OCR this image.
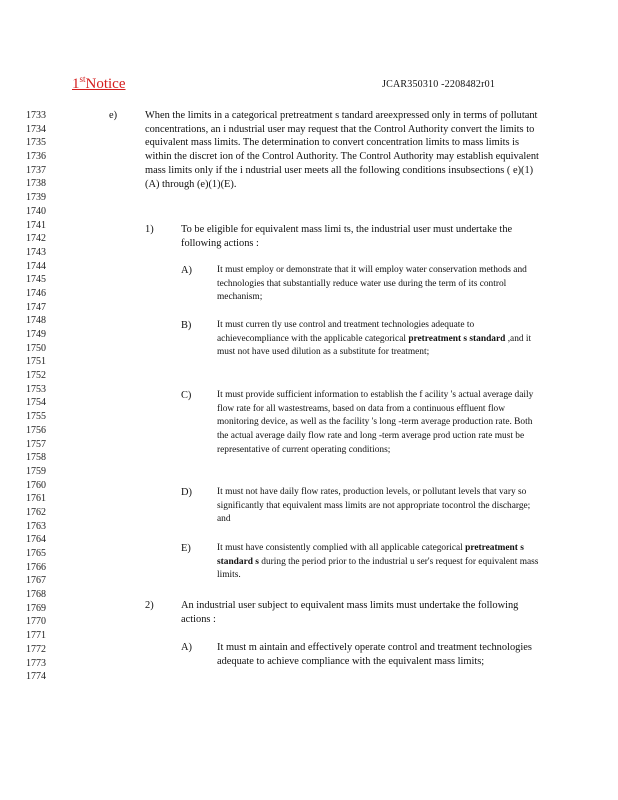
1stNotice	JCAR350310 -2208482r01
1733
1734
1735
1736
1737
1738
1739
1740
1741
1742
1743
1744
1745
1746
1747
1748
1749
1750
1751
1752
1753
1754
1755
1756
1757
1758
1759
1760
1761
1762
1763
1764
1765
1766
1767
1768
1769
1770
1771
1772
1773
1774
e)	When the limits in a categorical pretreatment s tandard areexpressed only in terms of pollutant concentrations, an i ndustrial user may request that the Control Authority convert the limits to equivalent mass limits. The determination to convert concentration limits to mass limits is within the discret ion of the Control Authority. The Control Authority may establish equivalent mass limits only if the i ndustrial user meets all the following conditions insubsections ( e)(1)(A) through (e)(1)(E).

1)	To be eligible for equivalent mass limi ts, the industrial user must undertake the following actions :

A)	It must employ or demonstrate that it will employ water conservation methods and technologies that substantially reduce water use during the term of its control mechanism;

B)	It must curren tly use control and treatment technologies adequate to achievecompliance with the applicable categorical pretreatment s standard ,and it must not have used dilution as a substitute for treatment;

C)	It must provide sufficient information to establish the f acility 's actual average daily flow rate for all wastestreams, based on data from a continuous effluent flow monitoring device, as well as the facility 's long -term average production rate. Both the actual average daily flow rate and long -term average prod uction rate must be representative of current operating conditions;

D)	It must not have daily flow rates, production levels, or pollutant levels that vary so significantly that equivalent mass limits are not appropriate tocontrol the discharge; and

E)	It must have consistently complied with all applicable categorical pretreatment s standard s during the period prior to the industrial u ser's request for equivalent mass limits.

2)	An industrial user subject to equivalent mass limits must undertake the following actions :

A) It must m aintain and effectively operate control and treatment technologies adequate to achieve compliance with the equivalent mass limits;
